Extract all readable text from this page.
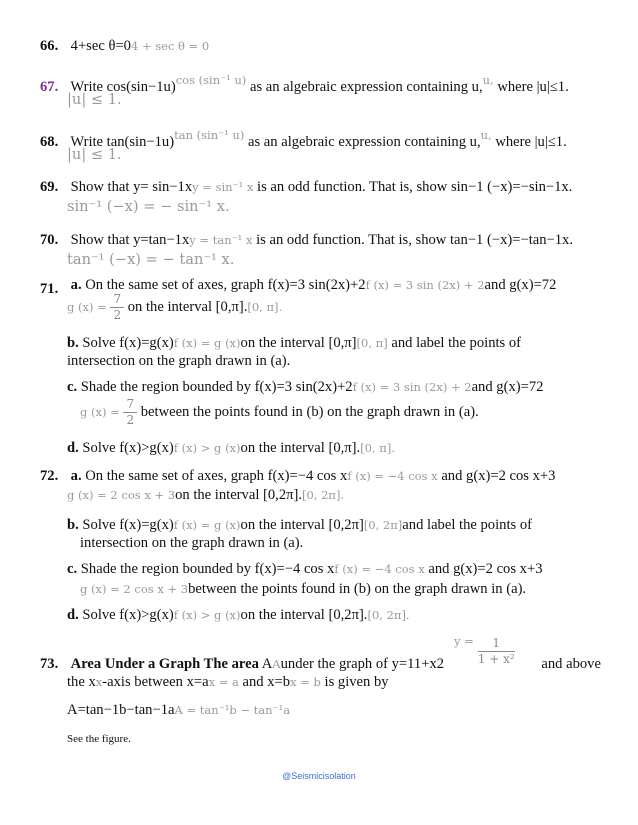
66. 4+sec θ=04 + sec θ = 0
67. Write $\cos(\sin-1u)^{cos (sin^{-1} u)}$ as an algebraic expression containing u,$^{u,}$ where |u|≤1.
|u| ≤ 1.
68. Write $\tan(\sin-1u)^{tan (sin^{-1} u)}$ as an algebraic expression containing u,$^{u,}$ where |u|≤1.
|u| ≤ 1.
69. Show that y= sin−1xy = sin⁻¹ x is an odd function. That is, show sin−1 (−x)=−sin−1x.
sin⁻¹ (−x) = − sin⁻¹ x.
70. Show that y=tan−1xy = tan⁻¹ x is an odd function. That is, show tan−1 (−x)=−tan−1x.
tan⁻¹ (−x) = − tan⁻¹ x.
71. a. On the same set of axes, graph f(x)=3 sin(2x)+2f (x) = 3 sin (2x) + 2and g(x)=72
g $(x) = \frac{7}{2}$ on the interval [0,π].[0, π].
b. Solve f(x)=g(x)f (x) = g (x)on the interval [0,π][0, π] and label the points of
intersection on the graph drawn in (a).
c. Shade the region bounded by f(x)=3 sin(2x)+2f (x) = 3 sin (2x) + 2and g(x)=72
g $(x) = \frac{7}{2}$ between the points found in (b) on the graph drawn in (a).
d. Solve f(x)>g(x)f (x) > g (x)on the interval [0,π].[0, π].
72. a. On the same set of axes, graph f(x)=−4 cos xf (x) = −4 cos x and g(x)=2 cos x+3
g (x) = 2 cos x + 3on the interval [0,2π].[0, 2π].
b. Solve f(x)=g(x)f (x) = g (x)on the interval [0,2π][0, 2π]and label the points of
intersection on the graph drawn in (a).
c. Shade the region bounded by f(x)=−4 cos xf (x) = −4 cos x and g(x)=2 cos x+3
g (x) = 2 cos x + 3between the points found in (b) on the graph drawn in (a).
d. Solve f(x)>g(x)f (x) > g (x)on the interval [0,2π].[0, 2π].
73. Area Under a Graph The area AAunder the graph of y=11+x2	and above
$^{y =} \frac{1}{\text{1 + x²}}$
the xx-axis between x=ax = a and x=bx = b is given by
A=tan−1b−tan−1aA = tan⁻¹b − tan⁻¹a
See the figure.
@Seismicisolation
